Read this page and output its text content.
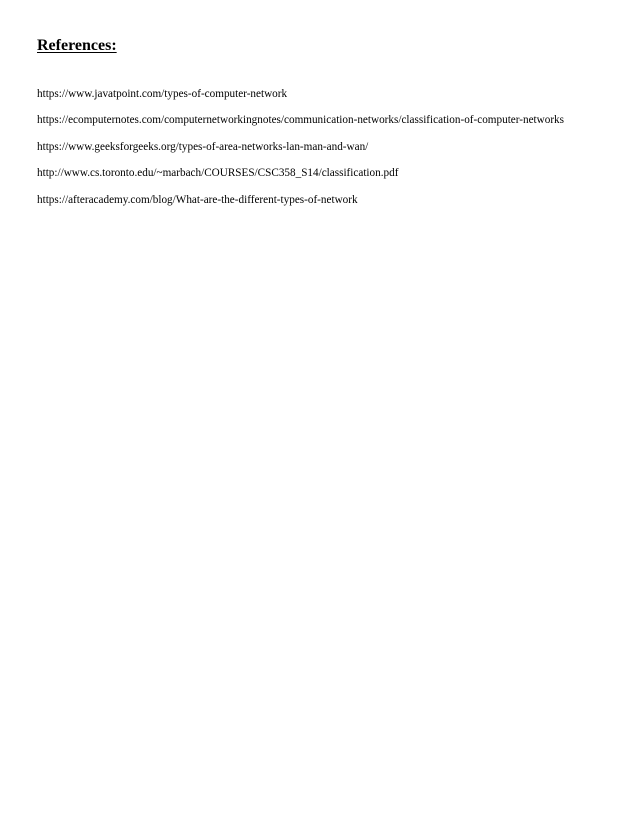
References:
https://www.javatpoint.com/types-of-computer-network
https://ecomputernotes.com/computernetworkingnotes/communication-networks/classification-of-computer-networks
https://www.geeksforgeeks.org/types-of-area-networks-lan-man-and-wan/
http://www.cs.toronto.edu/~marbach/COURSES/CSC358_S14/classification.pdf
https://afteracademy.com/blog/What-are-the-different-types-of-network
